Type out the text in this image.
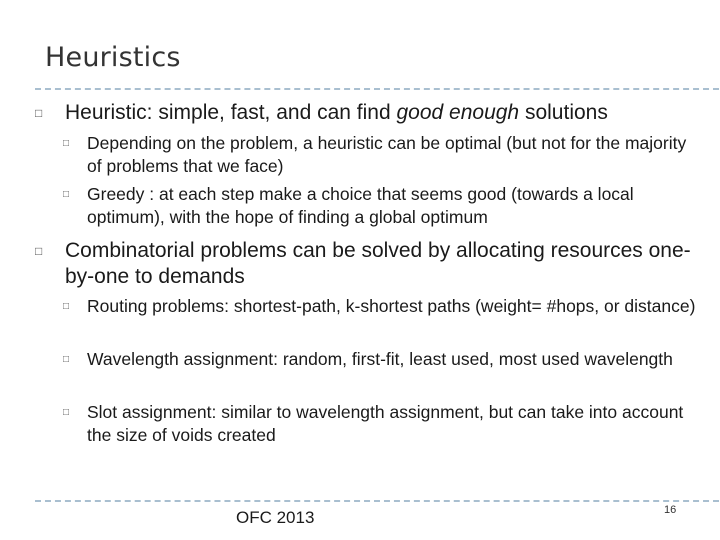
Heuristics
□ Heuristic: simple, fast, and can find good enough solutions
□ Depending on the problem, a heuristic can be optimal (but not for the majority of problems that we face)
□ Greedy : at each step make a choice that seems good (towards a local optimum), with the hope of finding a global optimum
□ Combinatorial problems can be solved by allocating resources one-by-one to demands
□ Routing problems: shortest-path, k-shortest paths (weight= #hops, or distance)
□ Wavelength assignment: random, first-fit, least used, most used wavelength
□ Slot assignment: similar to wavelength assignment, but can take into account the size of voids created
OFC 2013	16
